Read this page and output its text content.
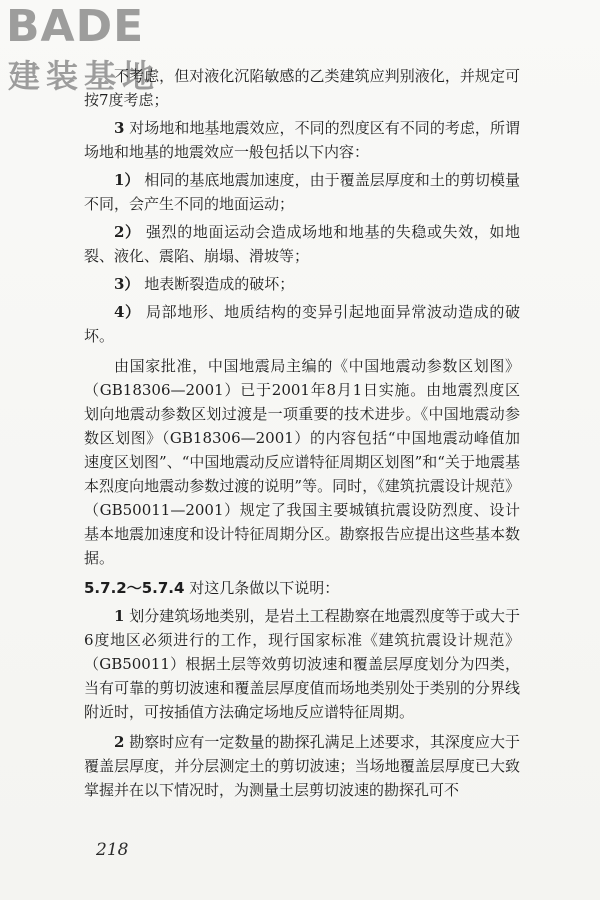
BADE
建装基地

不考虑，但对液化沉陷敏感的乙类建筑应判别液化，并规定可按7度考虑；

3 对场地和地基地震效应，不同的烈度区有不同的考虑，所谓场地和地基的地震效应一般包括以下内容：

1） 相同的基底地震加速度，由于覆盖层厚度和土的剪切模量不同，会产生不同的地面运动；

2） 强烈的地面运动会造成场地和地基的失稳或失效，如地裂、液化、震陷、崩塌、滑坡等；

3） 地表断裂造成的破坏；

4） 局部地形、地质结构的变异引起地面异常波动造成的破坏。

由国家批准，中国地震局主编的《中国地震动参数区划图》（GB18306—2001）已于2001年8月1日实施。由地震烈度区划向地震动参数区划过渡是一项重要的技术进步。《中国地震动参数区划图》（GB18306—2001）的内容包括“中国地震动峰值加速度区划图”、“中国地震动反应谱特征周期区划图”和“关于地震基本烈度向地震动参数过渡的说明”等。同时，《建筑抗震设计规范》（GB50011—2001）规定了我国主要城镇抗震设防烈度、设计基本地震加速度和设计特征周期分区。勘察报告应提出这些基本数据。

5.7.2～5.7.4 对这几条做以下说明：

1 划分建筑场地类别，是岩土工程勘察在地震烈度等于或大于6度地区必须进行的工作，现行国家标准《建筑抗震设计规范》（GB50011）根据土层等效剪切波速和覆盖层厚度划分为四类，当有可靠的剪切波速和覆盖层厚度值而场地类别处于类别的分界线附近时，可按插值方法确定场地反应谱特征周期。

2 勘察时应有一定数量的勘探孔满足上述要求，其深度应大于覆盖层厚度，并分层测定土的剪切波速；当场地覆盖层厚度已大致掌握并在以下情况时，为测量土层剪切波速的勘探孔可不

218
